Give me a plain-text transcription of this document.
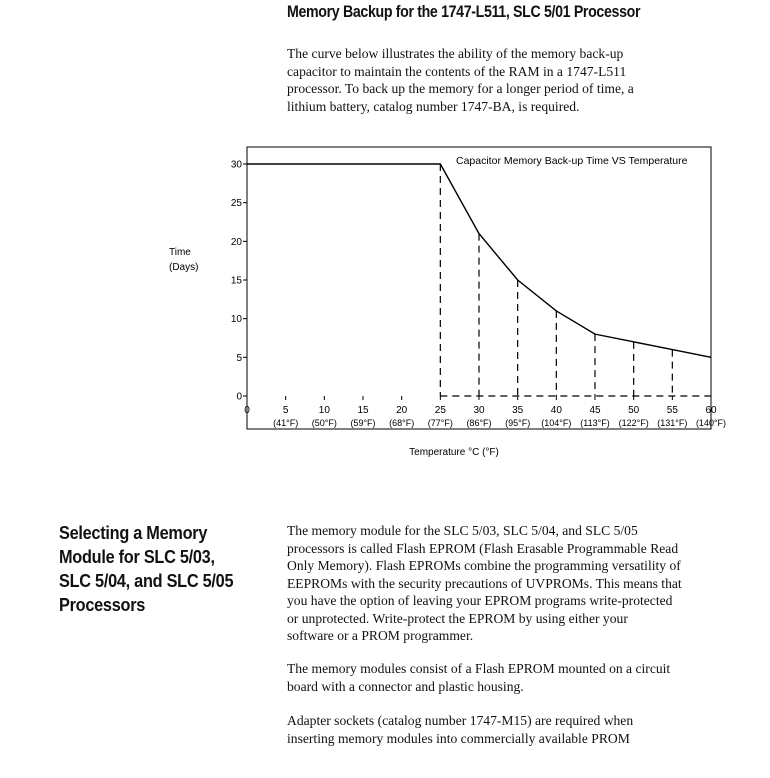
Memory Backup for the 1747-L511, SLC 5/01 Processor

The curve below illustrates the ability of the memory back-up
capacitor to maintain the contents of the RAM in a 1747-L511
processor. To back up the memory for a longer period of time, a
lithium battery, catalog number 1747-BA, is required.

Capacitor Memory Back-up Time VS Temperature
Time
(Days)
Temperature °C (°F)
0
5
10
15
20
25
30
0	5
(41°F)
10
(50°F)
15
(59°F)
20
(68°F)
25
(77°F)
30
(86°F)
35
(95°F)
40
(104°F)
45
(113°F)
50
(122°F)
55
(131°F)
60
(140°F)
Selecting a Memory
Module for SLC 5/03,
SLC 5/04, and SLC 5/05
Processors

The memory module for the SLC 5/03, SLC 5/04, and SLC 5/05
processors is called Flash EPROM (Flash Erasable Programmable Read
Only Memory). Flash EPROMs combine the programming versatility of
EEPROMs with the security precautions of UVPROMs. This means that
you have the option of leaving your EPROM programs write-protected
or unprotected. Write-protect the EPROM by using either your
software or a PROM programmer.

The memory modules consist of a Flash EPROM mounted on a circuit
board with a connector and plastic housing.

Adapter sockets (catalog number 1747-M15) are required when
inserting memory modules into commercially available PROM
